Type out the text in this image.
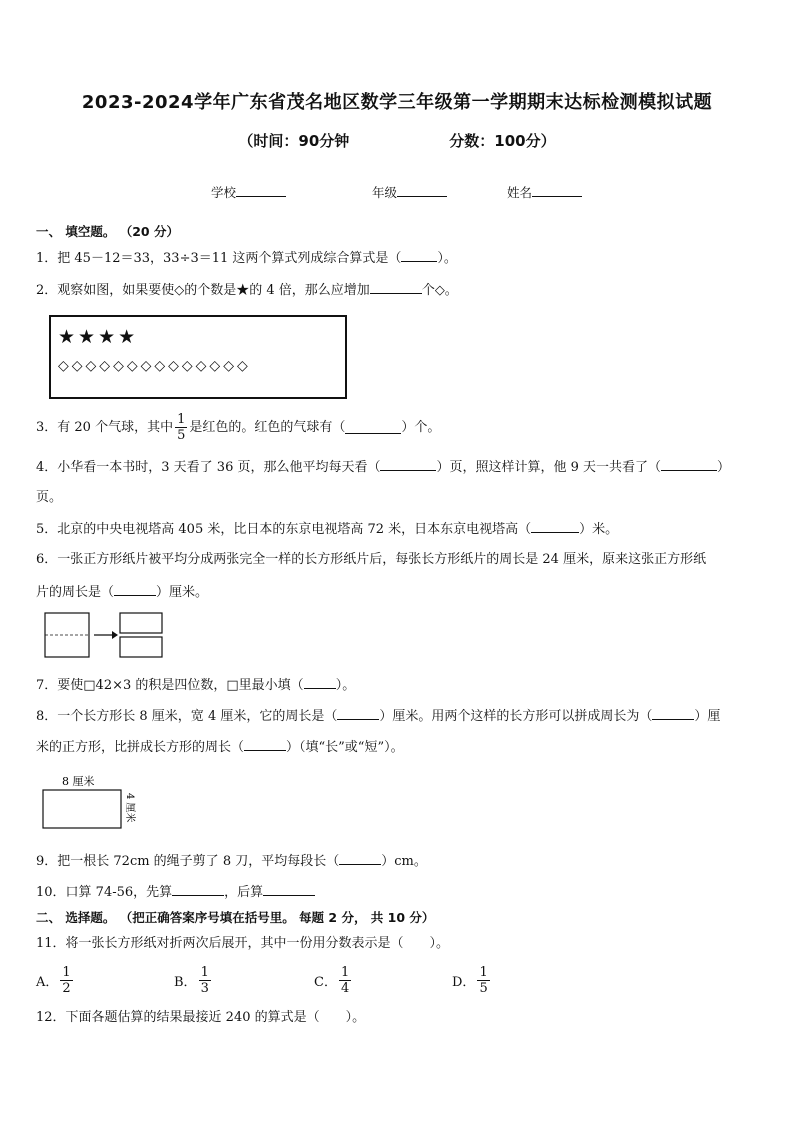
2023-2024学年广东省茂名地区数学三年级第一学期期末达标检测模拟试题
（时间：90分钟	分数：100分）
学校	年级	姓名
一、 填空题。 （20 分）
1．把 45－12＝33，33÷3＝11 这两个算式列成综合算式是（	）。
2．观察如图，如果要使◇的个数是★的 4 倍，那么应增加	个◇。
★★★★
◇◇◇◇◇◇◇◇◇◇◇◇◇◇
3．有 20 个气球，其中 $\frac{1}{5}$ 是红色的。红色的气球有（	）个。
4．小华看一本书时，3 天看了 36 页，那么他平均每天看（	）页，照这样计算，他 9 天一共看了（	）
页。
5．北京的中央电视塔高 405 米，比日本的东京电视塔高 72 米，日本东京电视塔高（	）米。
6．一张正方形纸片被平均分成两张完全一样的长方形纸片后，每张长方形纸片的周长是 24 厘米，原来这张正方形纸
片的周长是（	）厘米。
7．要使□42×3 的积是四位数，□里最小填（ ）。
8．一个长方形长 8 厘米，宽 4 厘米，它的周长是（	）厘米。用两个这样的长方形可以拼成周长为（	）厘
米的正方形，比拼成长方形的周长（	）（填“长”或“短”）。
8 厘米
4 厘米
9．把一根长 72cm 的绳子剪了 8 刀，平均每段长（	）cm。
10．口算 74-56，先算	，后算
二、 选择题。 （把正确答案序号填在括号里。 每题 2 分， 共 10 分）
11．将一张长方形纸对折两次后展开，其中一份用分数表示是（　　）。
A． $\frac{1}{2}$	B． $\frac{1}{3}$	C． $\frac{1}{4}$	D． $\frac{1}{5}$
12．下面各题估算的结果最接近 240 的算式是（　　）。
